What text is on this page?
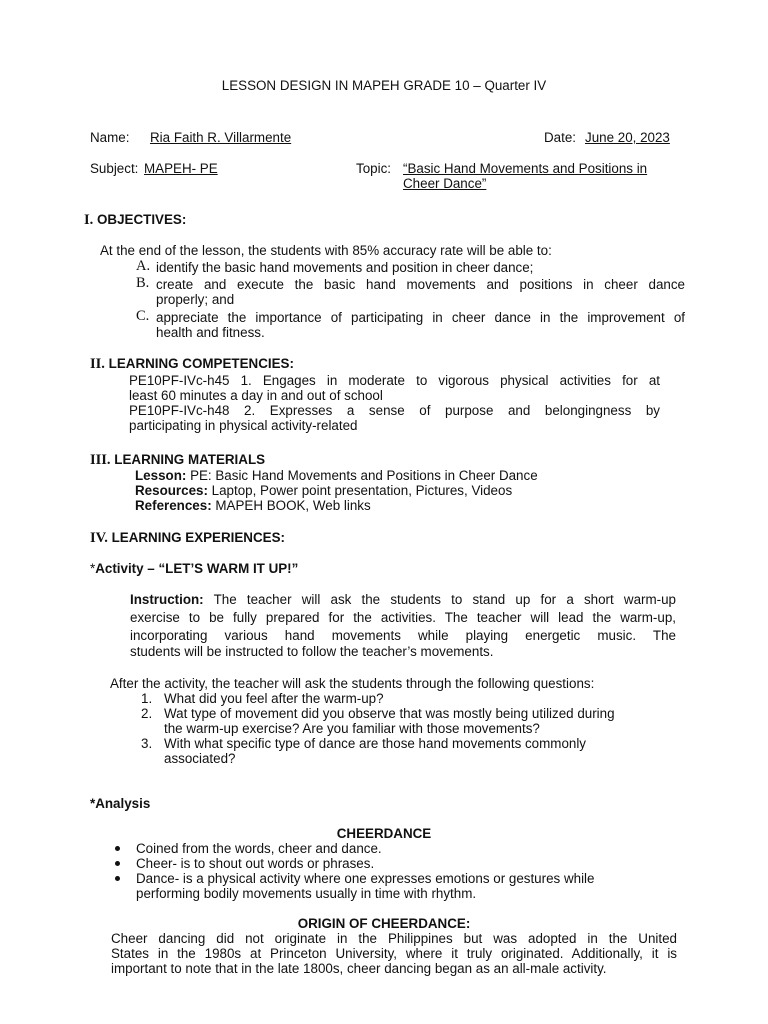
LESSON DESIGN IN MAPEH GRADE 10 – Quarter IV
Name: Ria Faith R. Villarmente	Date: June 20, 2023
Subject: MAPEH- PE	Topic: “Basic Hand Movements and Positions in
Cheer Dance”
I. OBJECTIVES:
At the end of the lesson, the students with 85% accuracy rate will be able to:
A. identify the basic hand movements and position in cheer dance;
B. create and execute the basic hand movements and positions in cheer dance
properly; and
C. appreciate the importance of participating in cheer dance in the improvement of
health and fitness.
II. LEARNING COMPETENCIES:
PE10PF-IVc-h45 1. Engages in moderate to vigorous physical activities for at
least 60 minutes a day in and out of school
PE10PF-IVc-h48 2. Expresses a sense of purpose and belongingness by
participating in physical activity-related
III. LEARNING MATERIALS
Lesson: PE: Basic Hand Movements and Positions in Cheer Dance
Resources: Laptop, Power point presentation, Pictures, Videos
References: MAPEH BOOK, Web links
IV. LEARNING EXPERIENCES:
*Activity – “LET’S WARM IT UP!”
Instruction: The teacher will ask the students to stand up for a short warm-up
exercise to be fully prepared for the activities. The teacher will lead the warm-up,
incorporating various hand movements while playing energetic music. The
students will be instructed to follow the teacher’s movements.
After the activity, the teacher will ask the students through the following questions:
1. What did you feel after the warm-up?
2. Wat type of movement did you observe that was mostly being utilized during
the warm-up exercise? Are you familiar with those movements?
3. With what specific type of dance are those hand movements commonly
associated?
*Analysis
CHEERDANCE
Coined from the words, cheer and dance.
Cheer- is to shout out words or phrases.
Dance- is a physical activity where one expresses emotions or gestures while
performing bodily movements usually in time with rhythm.
ORIGIN OF CHEERDANCE:
Cheer dancing did not originate in the Philippines but was adopted in the United
States in the 1980s at Princeton University, where it truly originated. Additionally, it is
important to note that in the late 1800s, cheer dancing began as an all-male activity.
